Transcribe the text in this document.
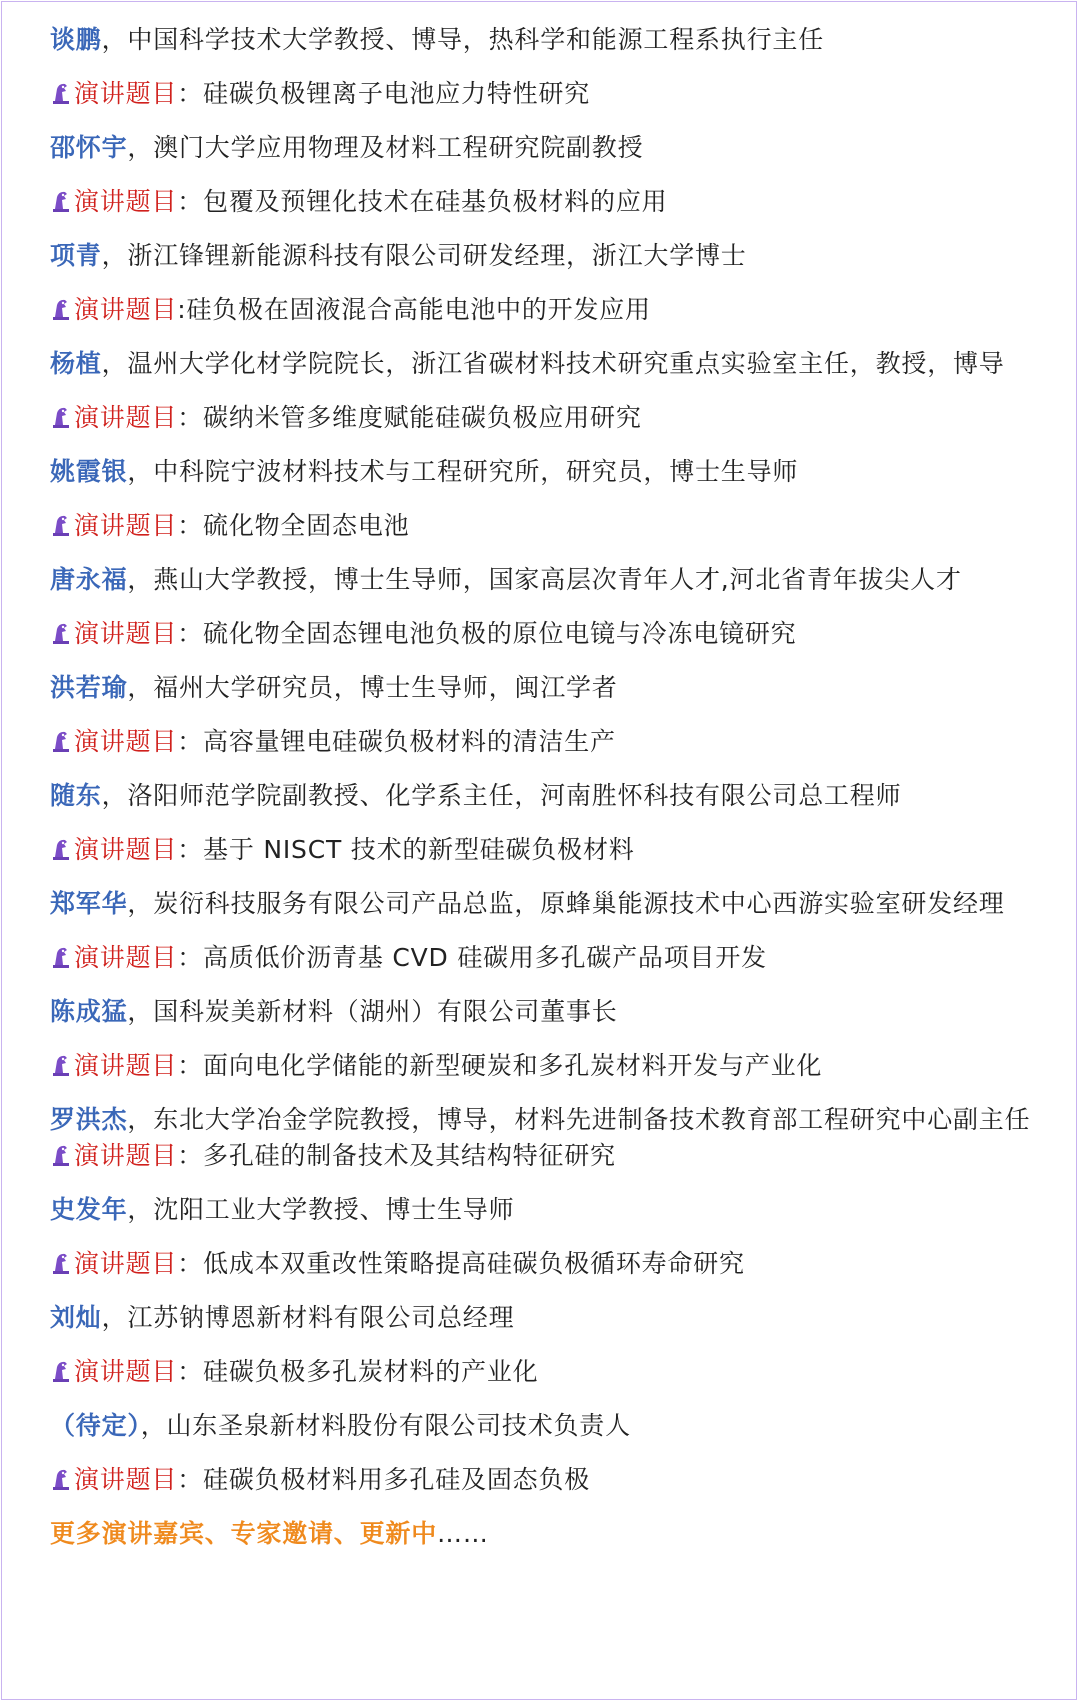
谈鹏，中国科学技术大学教授、博导，热科学和能源工程系执行主任
演讲题目：硅碳负极锂离子电池应力特性研究
邵怀宇，澳门大学应用物理及材料工程研究院副教授
演讲题目：包覆及预锂化技术在硅基负极材料的应用
项青，浙江锋锂新能源科技有限公司研发经理，浙江大学博士
演讲题目:硅负极在固液混合高能电池中的开发应用
杨植，温州大学化材学院院长，浙江省碳材料技术研究重点实验室主任，教授，博导
演讲题目：碳纳米管多维度赋能硅碳负极应用研究
姚霞银，中科院宁波材料技术与工程研究所，研究员，博士生导师
演讲题目：硫化物全固态电池
唐永福，燕山大学教授，博士生导师，国家高层次青年人才,河北省青年拔尖人才
演讲题目：硫化物全固态锂电池负极的原位电镜与冷冻电镜研究
洪若瑜，福州大学研究员，博士生导师，闽江学者
演讲题目：高容量锂电硅碳负极材料的清洁生产
随东，洛阳师范学院副教授、化学系主任，河南胜怀科技有限公司总工程师
演讲题目：基于 NISCT 技术的新型硅碳负极材料
郑军华，炭衍科技服务有限公司产品总监，原蜂巢能源技术中心西游实验室研发经理
演讲题目：高质低价沥青基 CVD 硅碳用多孔碳产品项目开发
陈成猛，国科炭美新材料（湖州）有限公司董事长
演讲题目：面向电化学储能的新型硬炭和多孔炭材料开发与产业化
罗洪杰，东北大学冶金学院教授，博导，材料先进制备技术教育部工程研究中心副主任
演讲题目：多孔硅的制备技术及其结构特征研究
史发年，沈阳工业大学教授、博士生导师
演讲题目：低成本双重改性策略提高硅碳负极循环寿命研究
刘灿，江苏钠博恩新材料有限公司总经理
演讲题目：硅碳负极多孔炭材料的产业化
（待定），山东圣泉新材料股份有限公司技术负责人
演讲题目：硅碳负极材料用多孔硅及固态负极
更多演讲嘉宾、专家邀请、更新中……
